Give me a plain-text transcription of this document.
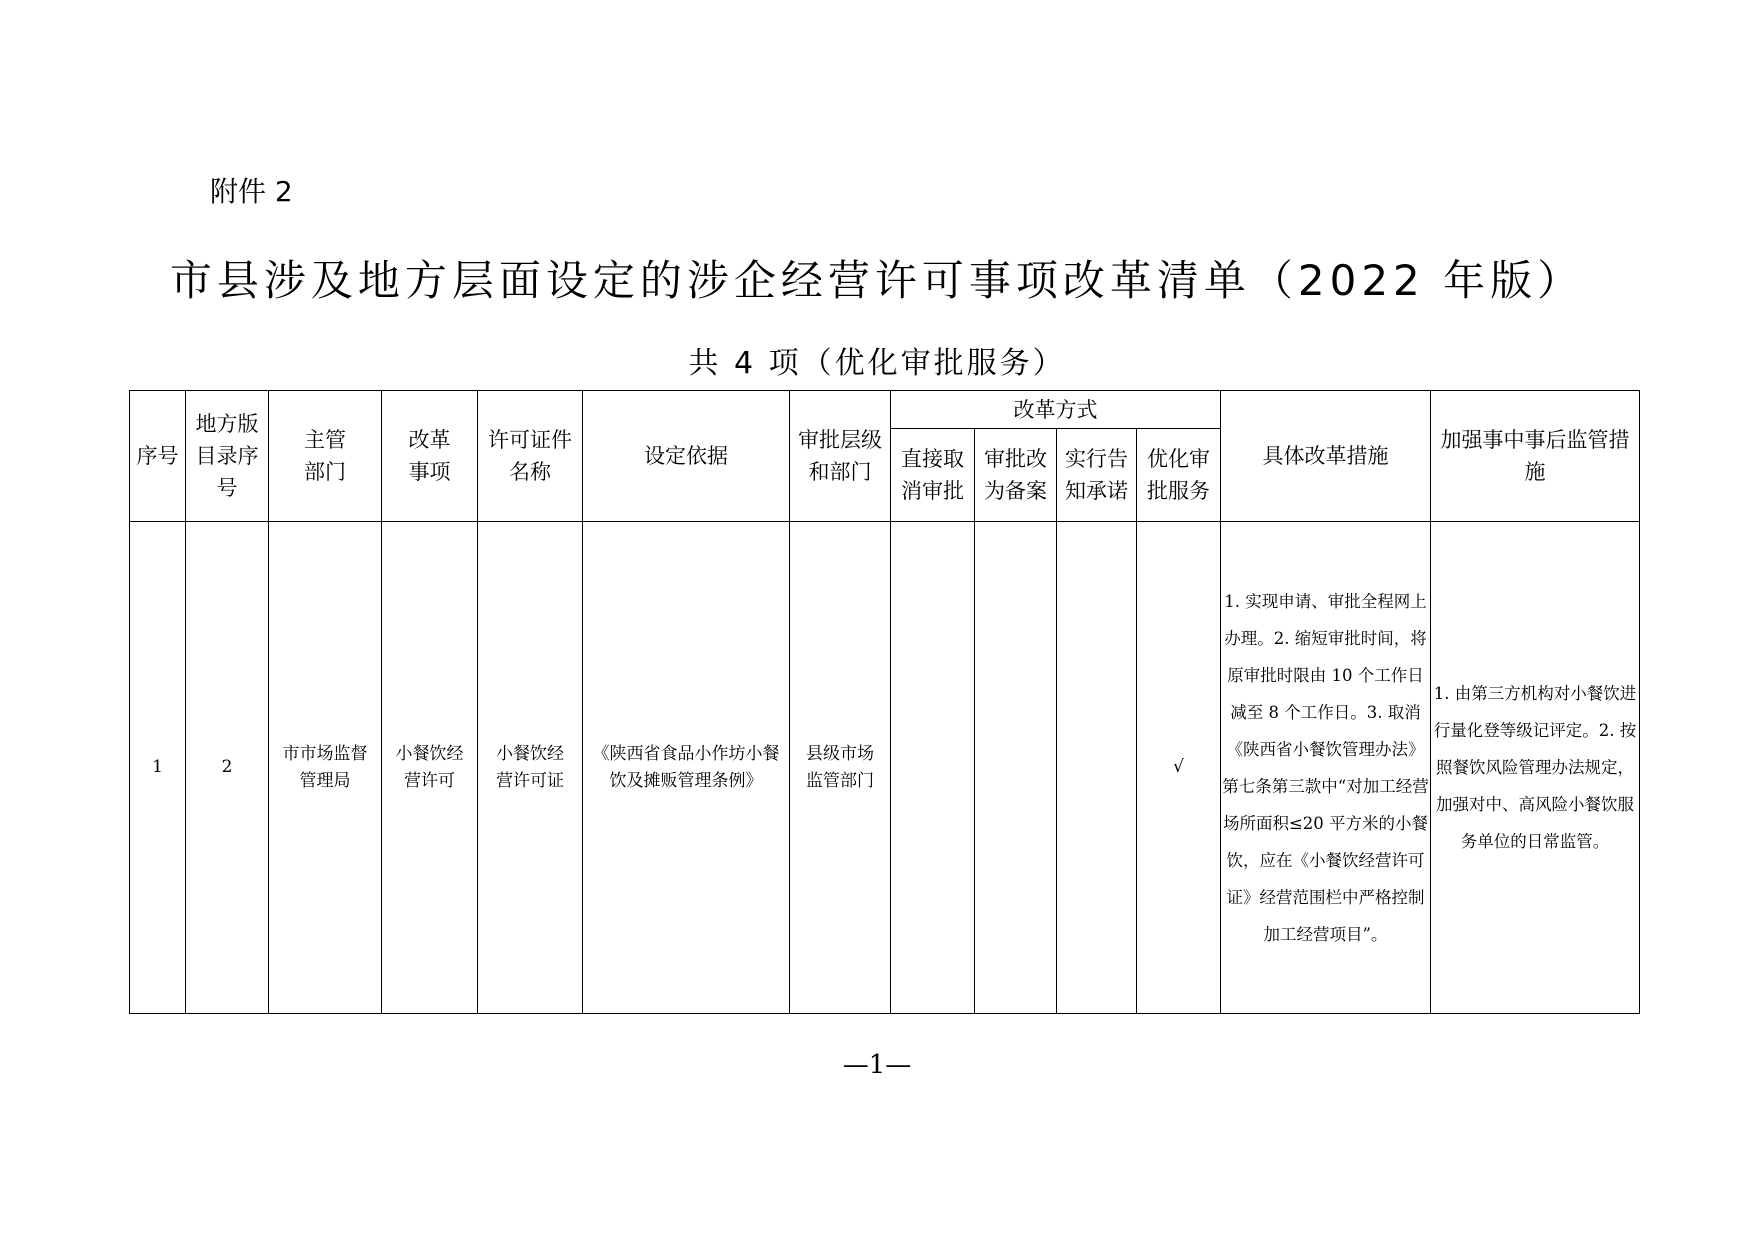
附件 2
市县涉及地方层面设定的涉企经营许可事项改革清单（2022 年版）
共 4 项（优化审批服务）
序号	地方版目录序号	主管部门	改革事项	许可证件名称	设定依据	审批层级和部门	改革方式				具体改革措施	加强事中事后监管措施
							直接取消审批	审批改为备案	实行告知承诺	优化审批服务		
1	2	市市场监督管理局	小餐饮经营许可	小餐饮经营许可证	《陕西省食品小作坊小餐饮及摊贩管理条例》	县级市场监管部门				√	1. 实现申请、审批全程网上办理。2. 缩短审批时间，将原审批时限由 10 个工作日减至 8 个工作日。3. 取消《陕西省小餐饮管理办法》第七条第三款中“对加工经营场所面积≤20 平方米的小餐饮，应在《小餐饮经营许可证》经营范围栏中严格控制加工经营项目”。	1. 由第三方机构对小餐饮进行量化登等级记评定。2. 按照餐饮风险管理办法规定，加强对中、高风险小餐饮服务单位的日常监管。
—1—
